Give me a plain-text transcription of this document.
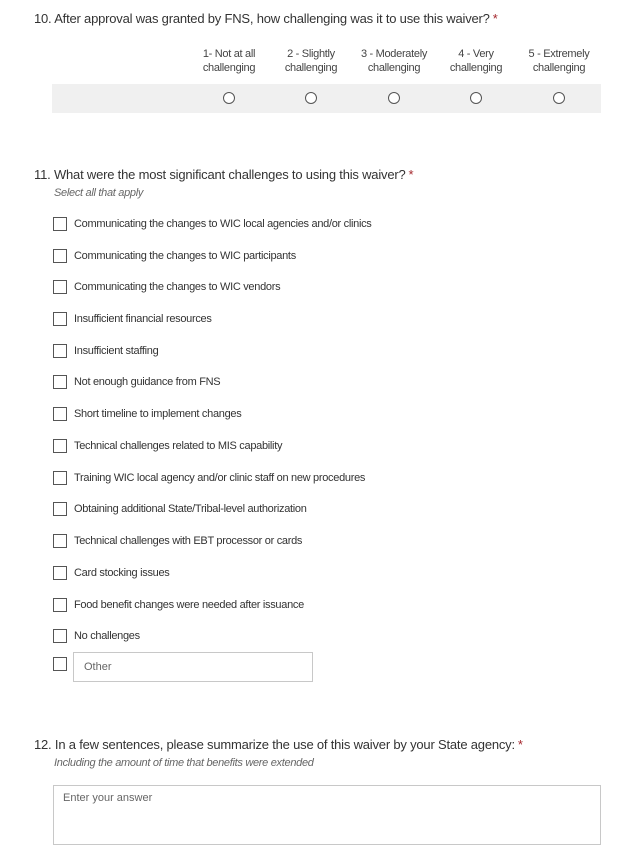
10. After approval was granted by FNS, how challenging was it to use this waiver? *
1- Not at all
challenging
2 - Slightly
challenging
3 - Moderately
challenging
4 - Very
challenging
5 - Extremely
challenging
11. What were the most significant challenges to using this waiver? *
Select all that apply
Communicating the changes to WIC local agencies and/or clinics
Communicating the changes to WIC participants
Communicating the changes to WIC vendors
Insufficient financial resources
Insufficient staffing
Not enough guidance from FNS
Short timeline to implement changes
Technical challenges related to MIS capability
Training WIC local agency and/or clinic staff on new procedures
Obtaining additional State/Tribal-level authorization
Technical challenges with EBT processor or cards
Card stocking issues
Food benefit changes were needed after issuance
No challenges
Other
12. In a few sentences, please summarize the use of this waiver by your State agency: *
Including the amount of time that benefits were extended
Enter your answer
